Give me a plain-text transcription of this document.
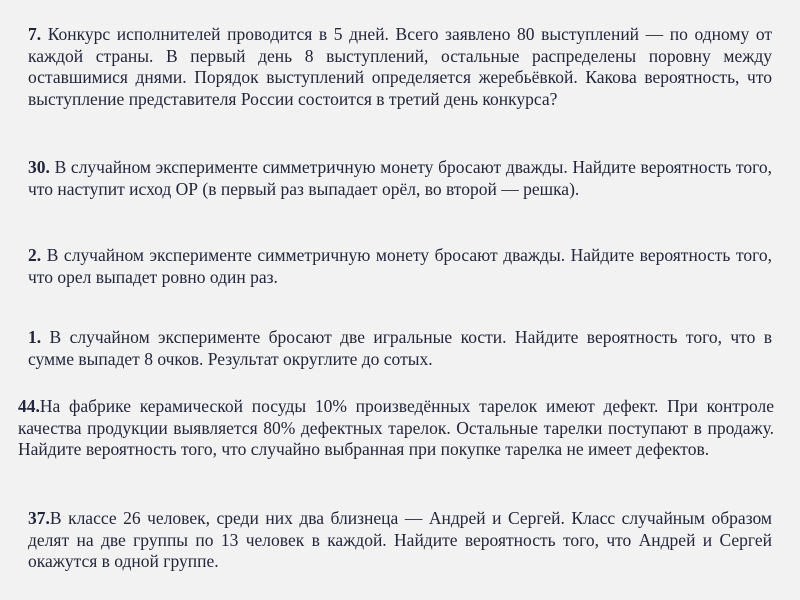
7. Конкурс исполнителей проводится в 5 дней. Всего заявлено 80 выступлений — по одному от каждой страны. В первый день 8 выступлений, остальные распределены поровну между оставшимися днями. Порядок выступлений определяется жеребьёвкой. Какова вероятность, что выступление представителя России состоится в третий день конкурса?

30. В случайном эксперименте симметричную монету бросают дважды. Найдите вероятность того, что наступит исход ОР (в первый раз выпадает орёл, во второй — решка).

2. В случайном эксперименте симметричную монету бросают дважды. Найдите вероятность того, что орел выпадет ровно один раз.

1. В случайном эксперименте бросают две игральные кости. Найдите вероятность того, что в сумме выпадет 8 очков. Результат округлите до сотых.

44.На фабрике керамической посуды 10% произведённых тарелок имеют дефект. При контроле качества продукции выявляется 80% дефектных тарелок. Остальные тарелки поступают в продажу. Найдите вероятность того, что случайно выбранная при покупке тарелка не имеет дефектов.

37.В классе 26 человек, среди них два близнеца — Андрей и Сергей. Класс случайным образом делят на две группы по 13 человек в каждой. Найдите вероятность того, что Андрей и Сергей окажутся в одной группе.
